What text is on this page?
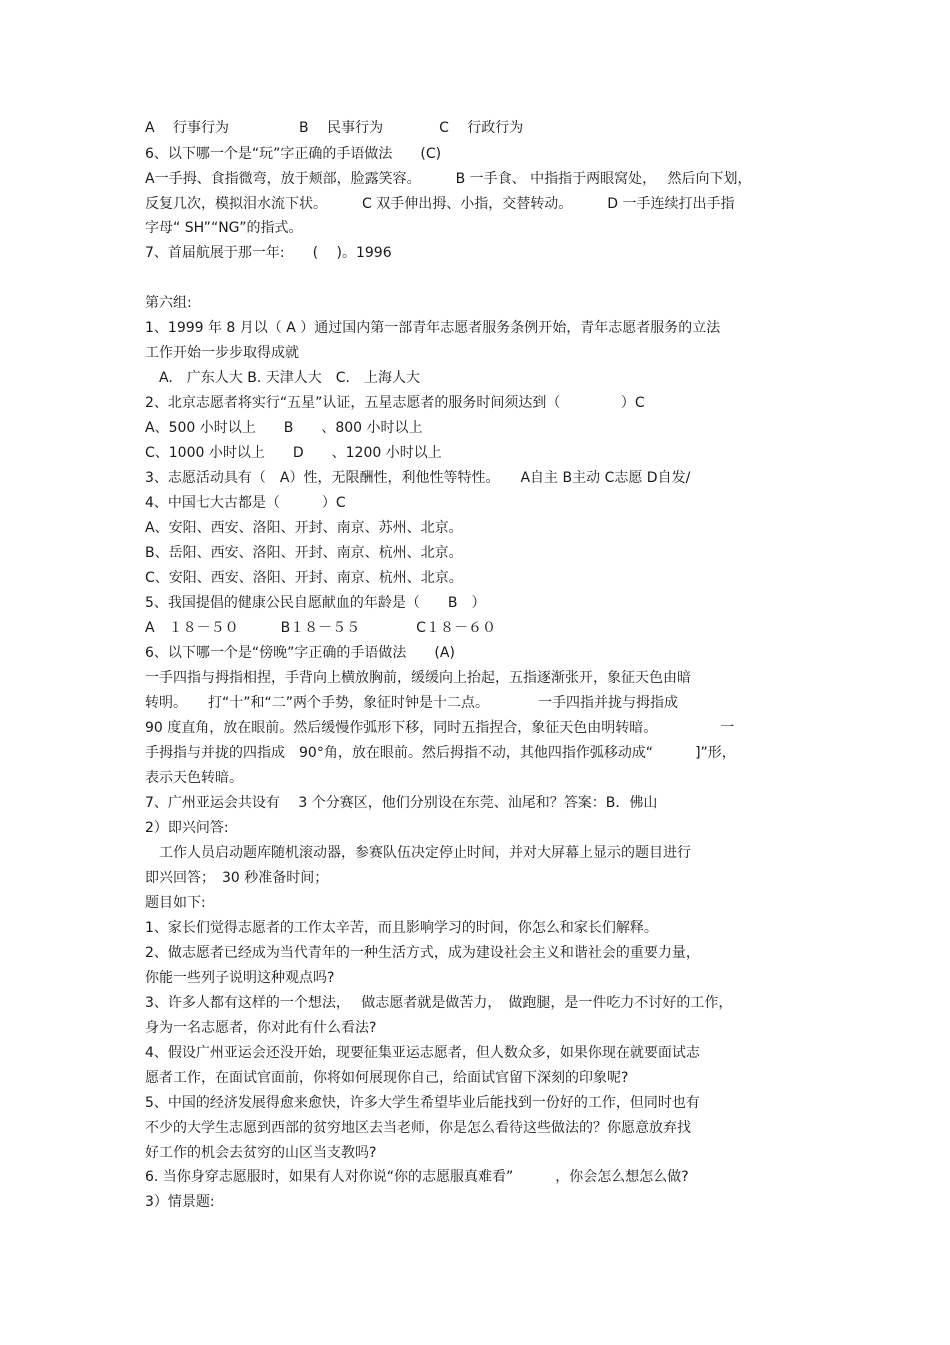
A　 行事行为　　　　　B　 民事行为　　　　C　 行政行为
6、以下哪一个是“玩”字正确的手语做法　　(C)
A一手拇、食指微弯，放于颊部，脸露笑容。　　　B 一手食、 中指指于两眼窝处，　 然后向下划，
反复几次，模拟泪水流下状。　　　C 双手伸出拇、小指，交替转动。　　　D 一手连续打出手指
字母“ SH”“NG”的指式。
7、首届航展于那一年:　　(　 )。1996
第六组:
1、1999 年 8 月以（ A ）通过国内第一部青年志愿者服务条例开始，青年志愿者服务的立法
工作开始一步步取得成就
　A.　广东人大 B. 天津人大　C.　上海人大
2、北京志愿者将实行“五星”认证，五星志愿者的服务时间须达到（　　　　 ）C
A、500 小时以上　　B　　、800 小时以上
C、1000 小时以上　　D　　、1200 小时以上
3、志愿活动具有（　A）性，无限酬性，利他性等特性。　　A自主 B主动 C志愿 D自发/
4、中国七大古都是（　　　）C
A、安阳、西安、洛阳、开封、南京、苏州、北京。
B、岳阳、西安、洛阳、开封、南京、杭州、北京。
C、安阳、西安、洛阳、开封、南京、杭州、北京。
5、我国提倡的健康公民自愿献血的年龄是（　　B　）
A　１８－５０　　　B１８－５５　　　　C１８－６０
6、以下哪一个是“傍晚”字正确的手语做法　　(A)
一手四指与拇指相捏，手背向上横放胸前，缓缓向上抬起，五指逐渐张开，象征天色由暗
转明。　　打“十”和“二”两个手势，象征时钟是十二点。　　　　一手四指并拢与拇指成
90 度直角，放在眼前。然后缓慢作弧形下移，同时五指捏合，象征天色由明转暗。　　　　　一
手拇指与并拢的四指成　90°角，放在眼前。然后拇指不动，其他四指作弧移动成“　　　]”形，
表示天色转暗。
7、广州亚运会共设有　 3 个分赛区，他们分别设在东莞、汕尾和？答案：B．佛山
2）即兴问答:
　工作人员启动题库随机滚动器，参赛队伍决定停止时间，并对大屏幕上显示的题目进行
即兴回答；　30 秒准备时间；
题目如下:
1、家长们觉得志愿者的工作太辛苦，而且影响学习的时间，你怎么和家长们解释。
2、做志愿者已经成为当代青年的一种生活方式，成为建设社会主义和谐社会的重要力量，
你能一些列子说明这种观点吗?
3、许多人都有这样的一个想法，　 做志愿者就是做苦力，　做跑腿，是一件吃力不讨好的工作，
身为一名志愿者，你对此有什么看法?
4、假设广州亚运会还没开始，现要征集亚运志愿者，但人数众多，如果你现在就要面试志
愿者工作，在面试官面前，你将如何展现你自己，给面试官留下深刻的印象呢?
5、中国的经济发展得愈来愈快，许多大学生希望毕业后能找到一份好的工作，但同时也有
不少的大学生志愿到西部的贫穷地区去当老师，你是怎么看待这些做法的？你愿意放弃找
好工作的机会去贫穷的山区当支教吗?
6. 当你身穿志愿服时，如果有人对你说“你的志愿服真难看”　　　，你会怎么想怎么做?
3）情景题:
